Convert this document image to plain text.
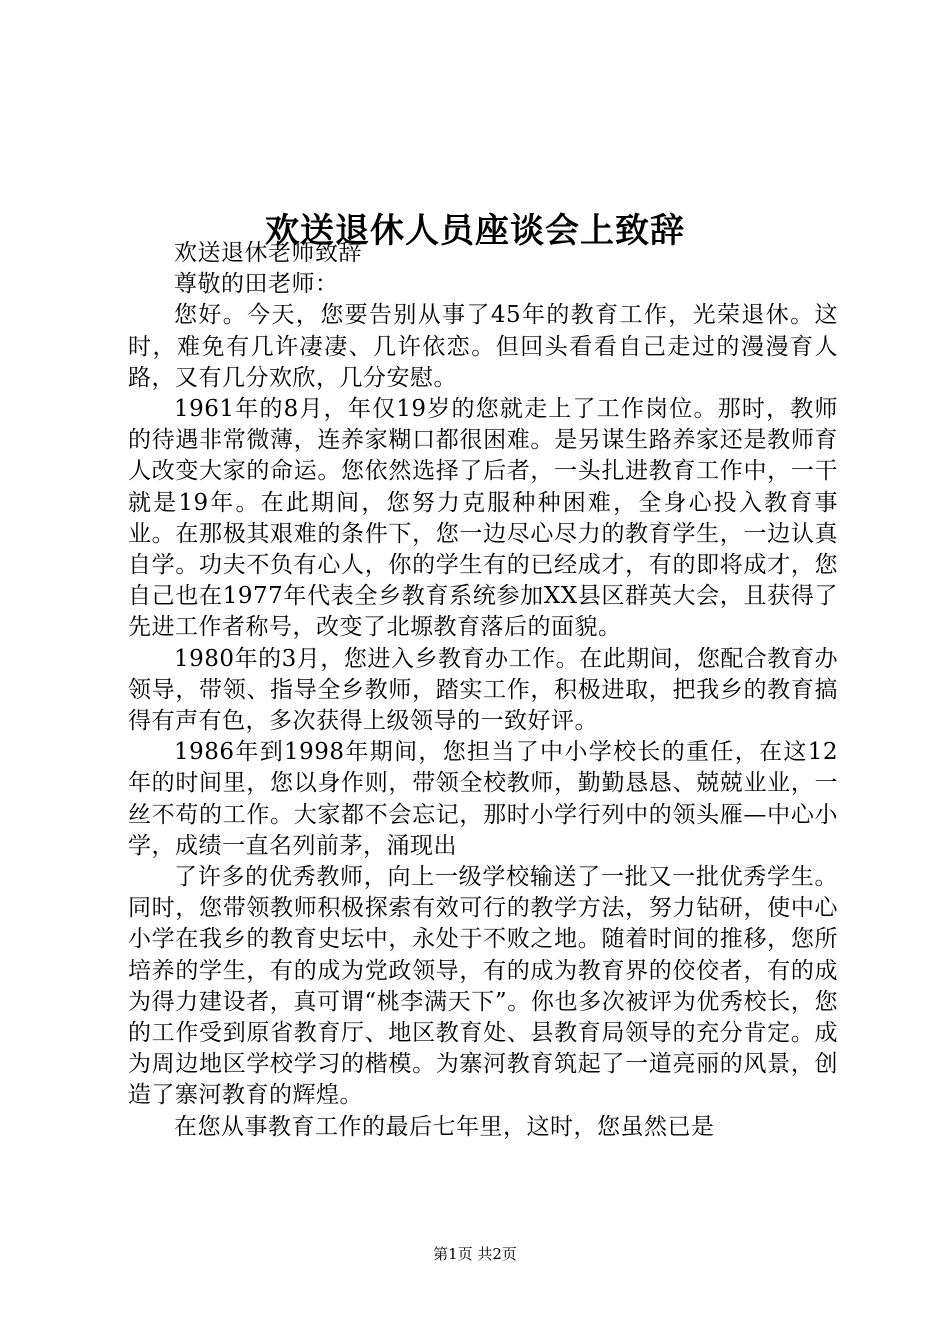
欢送退休人员座谈会上致辞

欢送退休老师致辞

尊敬的田老师：

您好。今天，您要告别从事了45年的教育工作，光荣退休。这时，难免有几许凄凄、几许依恋。但回头看看自己走过的漫漫育人路，又有几分欢欣，几分安慰。

1961年的8月，年仅19岁的您就走上了工作岗位。那时，教师的待遇非常微薄，连养家糊口都很困难。是另谋生路养家还是教师育人改变大家的命运。您依然选择了后者，一头扎进教育工作中，一干就是19年。在此期间，您努力克服种种困难，全身心投入教育事业。在那极其艰难的条件下，您一边尽心尽力的教育学生，一边认真自学。功夫不负有心人，你的学生有的已经成才，有的即将成才，您自己也在1977年代表全乡教育系统参加XX县区群英大会，且获得了先进工作者称号，改变了北塬教育落后的面貌。

1980年的3月，您进入乡教育办工作。在此期间，您配合教育办领导，带领、指导全乡教师，踏实工作，积极进取，把我乡的教育搞得有声有色，多次获得上级领导的一致好评。

1986年到1998年期间，您担当了中小学校长的重任，在这12年的时间里，您以身作则，带领全校教师，勤勤恳恳、兢兢业业，一丝不苟的工作。大家都不会忘记，那时小学行列中的领头雁—中心小学，成绩一直名列前茅，涌现出

了许多的优秀教师，向上一级学校输送了一批又一批优秀学生。同时，您带领教师积极探索有效可行的教学方法，努力钻研，使中心小学在我乡的教育史坛中，永处于不败之地。随着时间的推移，您所培养的学生，有的成为党政领导，有的成为教育界的佼佼者，有的成为得力建设者，真可谓“桃李满天下”。你也多次被评为优秀校长，您的工作受到原省教育厅、地区教育处、县教育局领导的充分肯定。成为周边地区学校学习的楷模。为寨河教育筑起了一道亮丽的风景，创造了寨河教育的辉煌。

在您从事教育工作的最后七年里，这时，您虽然已是

第1页 共2页
